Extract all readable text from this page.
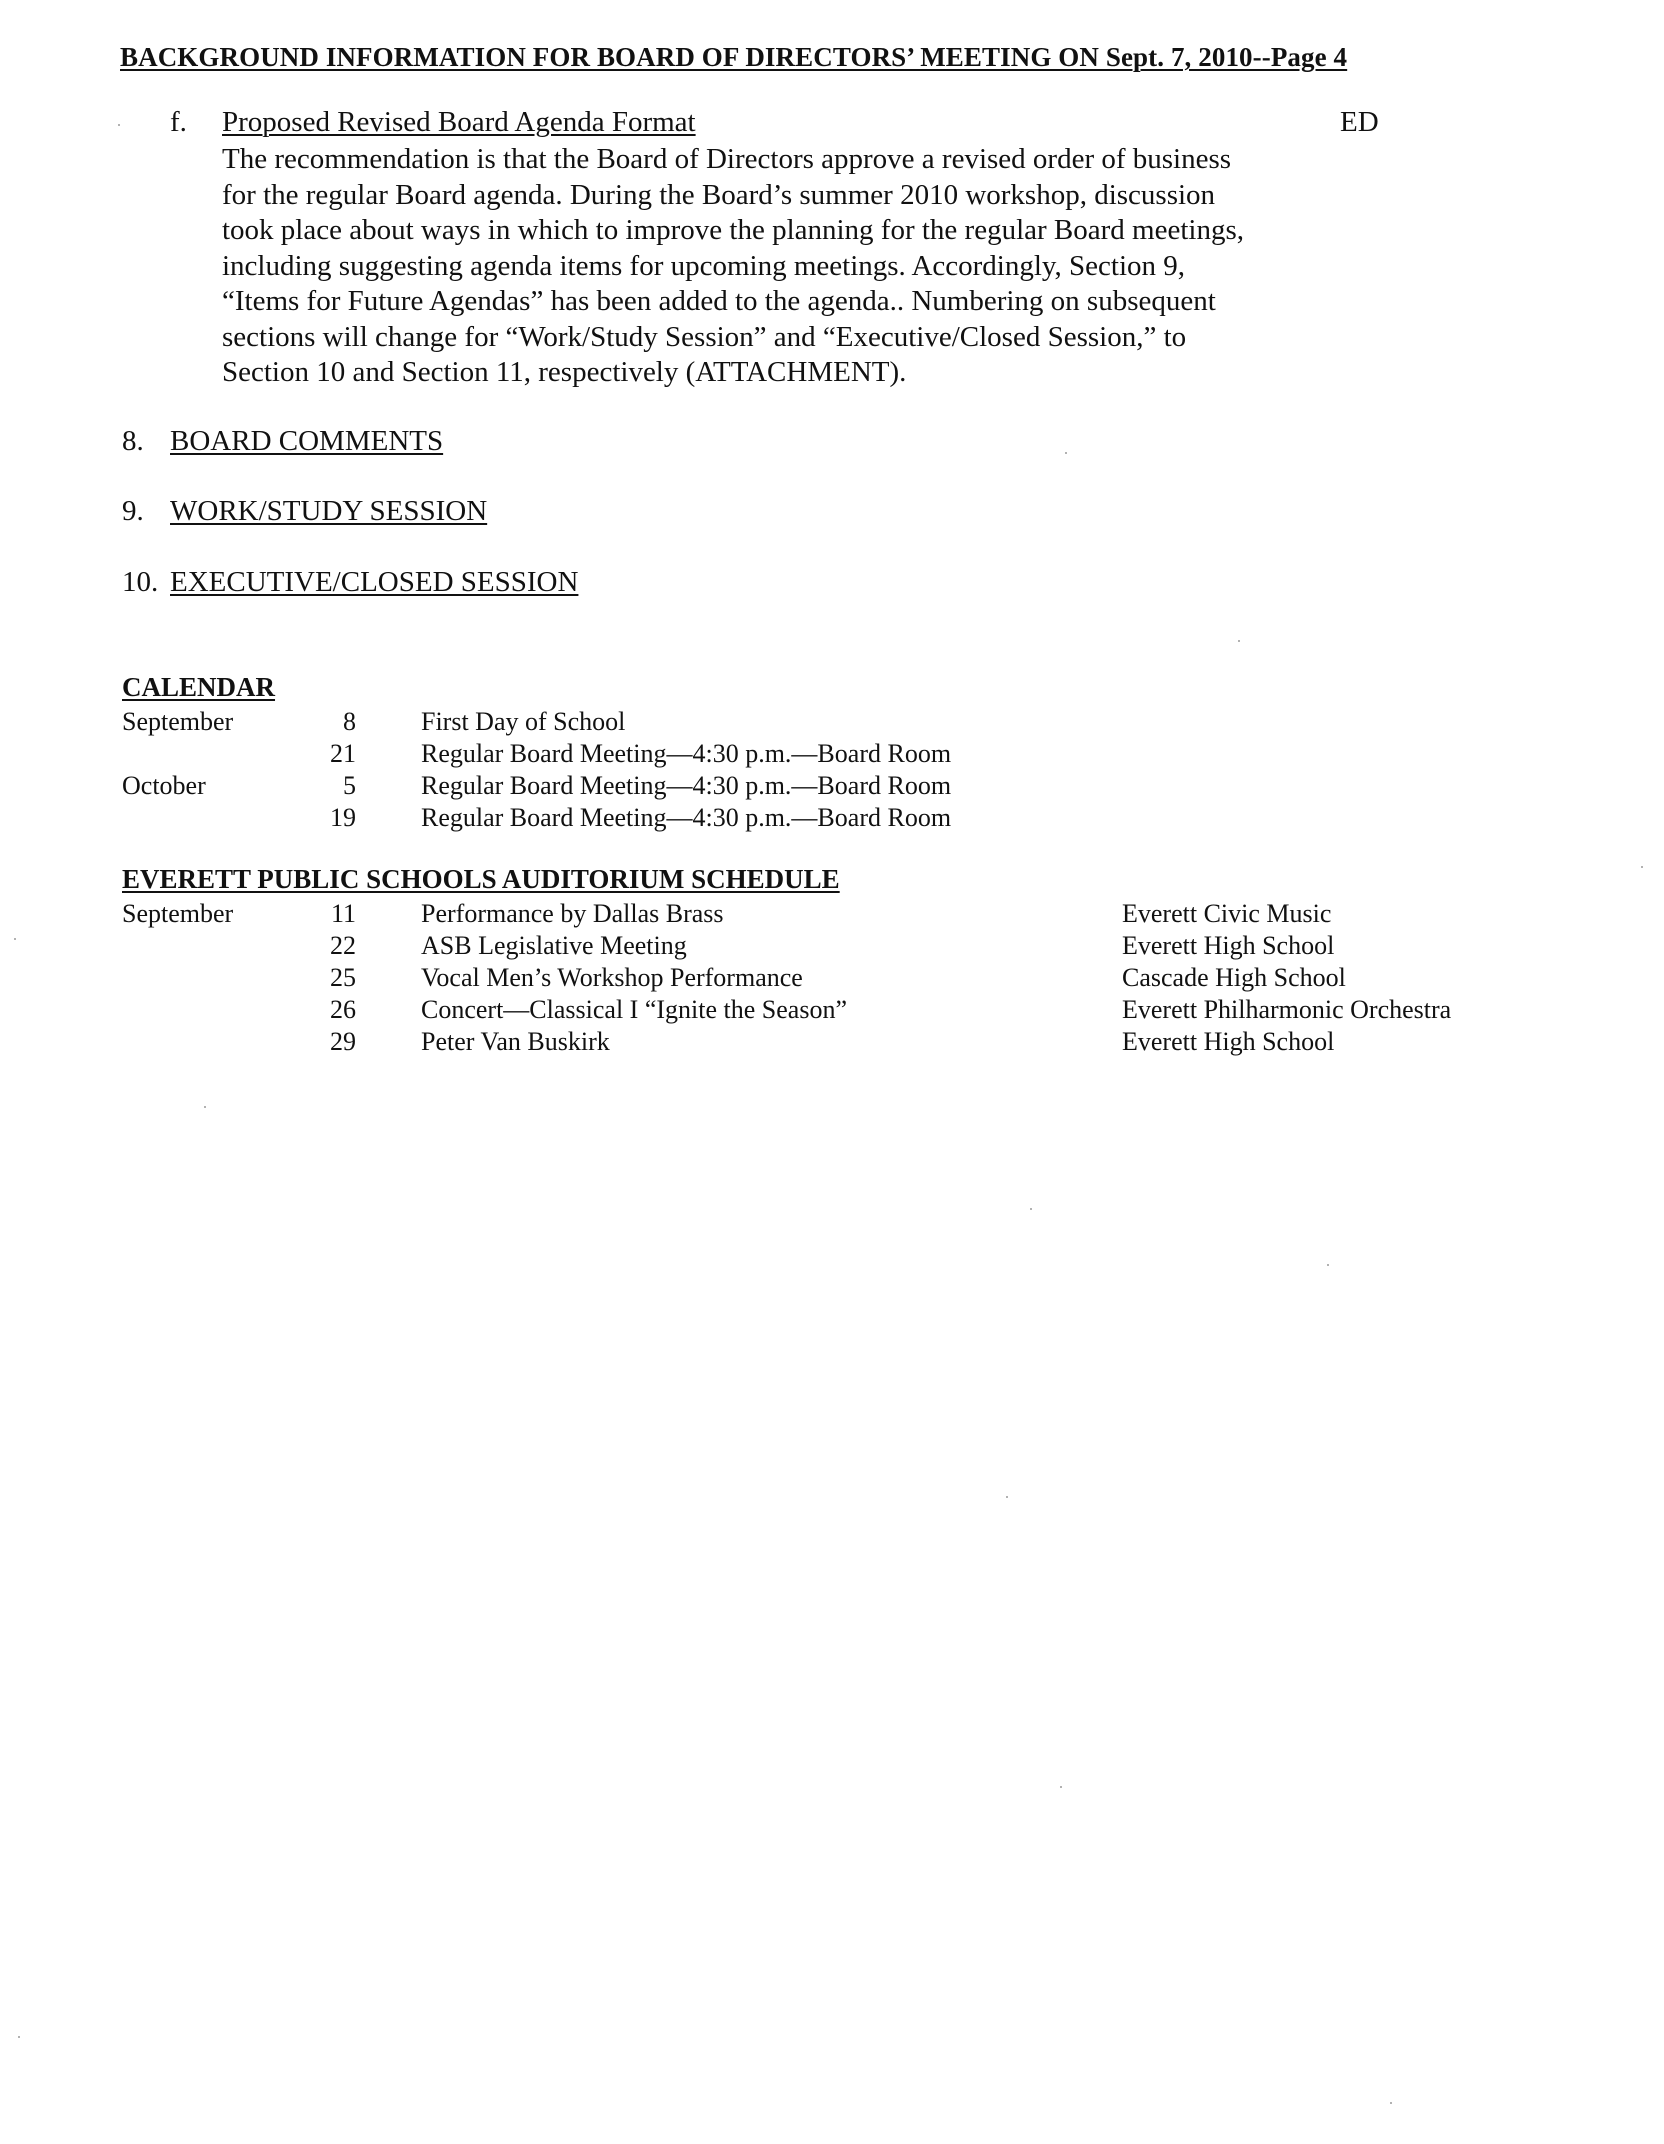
BACKGROUND INFORMATION FOR BOARD OF DIRECTORS’ MEETING ON Sept. 7, 2010--Page 4
f. Proposed Revised Board Agenda Format	ED
The recommendation is that the Board of Directors approve a revised order of business
for the regular Board agenda. During the Board’s summer 2010 workshop, discussion
took place about ways in which to improve the planning for the regular Board meetings,
including suggesting agenda items for upcoming meetings. Accordingly, Section 9,
“Items for Future Agendas” has been added to the agenda.. Numbering on subsequent
sections will change for “Work/Study Session” and “Executive/Closed Session,” to
Section 10 and Section 11, respectively (ATTACHMENT).
8. BOARD COMMENTS
9. WORK/STUDY SESSION
10. EXECUTIVE/CLOSED SESSION
CALENDAR
September	8	First Day of School
21	Regular Board Meeting—4:30 p.m.—Board Room
October	5	Regular Board Meeting—4:30 p.m.—Board Room
19	Regular Board Meeting—4:30 p.m.—Board Room
EVERETT PUBLIC SCHOOLS AUDITORIUM SCHEDULE
September	11	Performance by Dallas Brass	Everett Civic Music
22	ASB Legislative Meeting	Everett High School
25	Vocal Men’s Workshop Performance	Cascade High School
26	Concert—Classical I “Ignite the Season”	Everett Philharmonic Orchestra
29	Peter Van Buskirk	Everett High School
